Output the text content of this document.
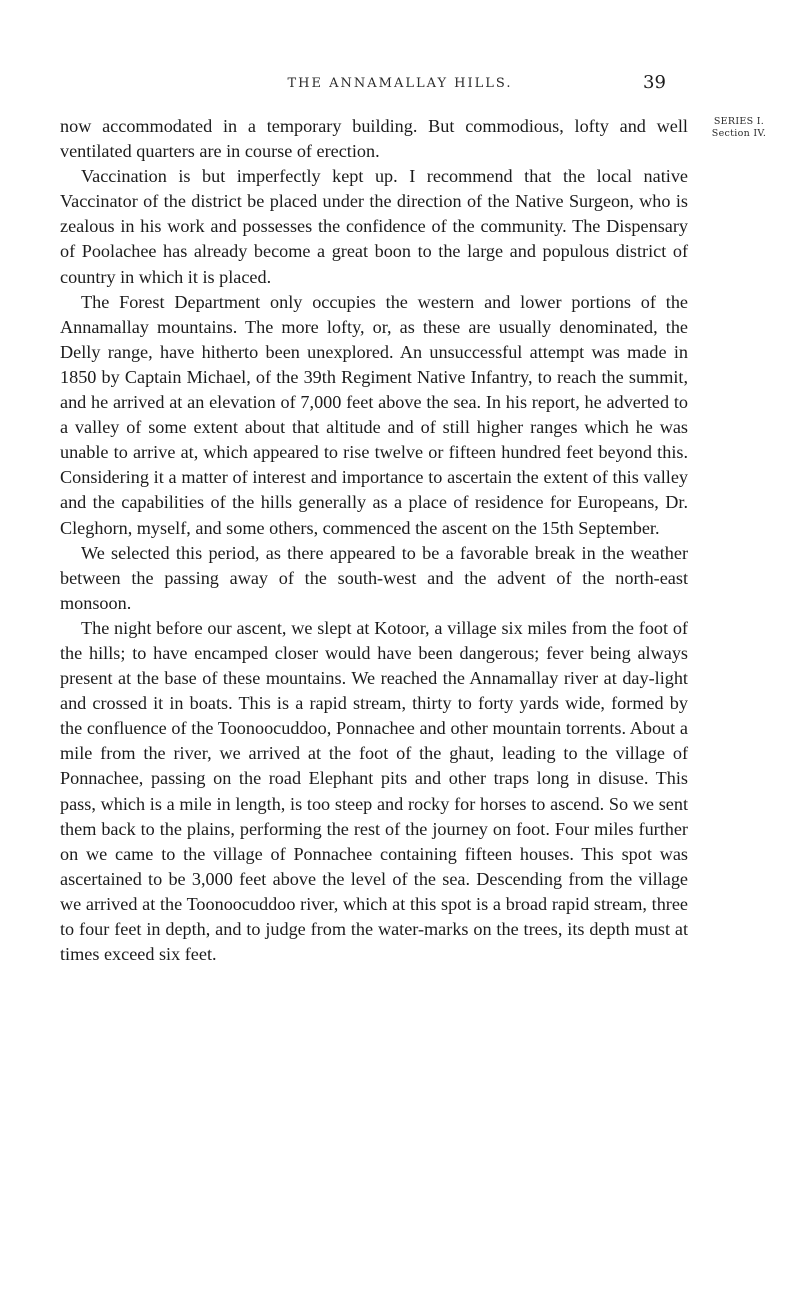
THE ANNAMALLAY HILLS.	39
SERIES I.
Section IV.

now accommodated in a temporary building. But commodious, lofty and well ventilated quarters are in course of erection.

Vaccination is but imperfectly kept up. I recommend that the local native Vaccinator of the district be placed under the direction of the Native Surgeon, who is zealous in his work and possesses the confidence of the community. The Dispensary of Poolachee has already become a great boon to the large and populous district of country in which it is placed.

The Forest Department only occupies the western and lower portions of the Annamallay mountains. The more lofty, or, as these are usually denominated, the Delly range, have hitherto been unexplored. An unsuccessful attempt was made in 1850 by Captain Michael, of the 39th Regiment Native Infantry, to reach the summit, and he arrived at an elevation of 7,000 feet above the sea. In his report, he adverted to a valley of some extent about that altitude and of still higher ranges which he was unable to arrive at, which appeared to rise twelve or fifteen hundred feet beyond this. Considering it a matter of interest and importance to ascertain the extent of this valley and the capabilities of the hills generally as a place of residence for Europeans, Dr. Cleghorn, myself, and some others, commenced the ascent on the 15th September.

We selected this period, as there appeared to be a favorable break in the weather between the passing away of the south-west and the advent of the north-east monsoon.

The night before our ascent, we slept at Kotoor, a village six miles from the foot of the hills; to have encamped closer would have been dangerous; fever being always present at the base of these mountains. We reached the Annamallay river at day-light and crossed it in boats. This is a rapid stream, thirty to forty yards wide, formed by the confluence of the Toonoocuddoo, Ponnachee and other mountain torrents. About a mile from the river, we arrived at the foot of the ghaut, leading to the village of Ponnachee, passing on the road Elephant pits and other traps long in disuse. This pass, which is a mile in length, is too steep and rocky for horses to ascend. So we sent them back to the plains, performing the rest of the journey on foot. Four miles further on we came to the village of Ponnachee containing fifteen houses. This spot was ascertained to be 3,000 feet above the level of the sea. Descending from the village we arrived at the Toonoocuddoo river, which at this spot is a broad rapid stream, three to four feet in depth, and to judge from the water-marks on the trees, its depth must at times exceed six feet.
